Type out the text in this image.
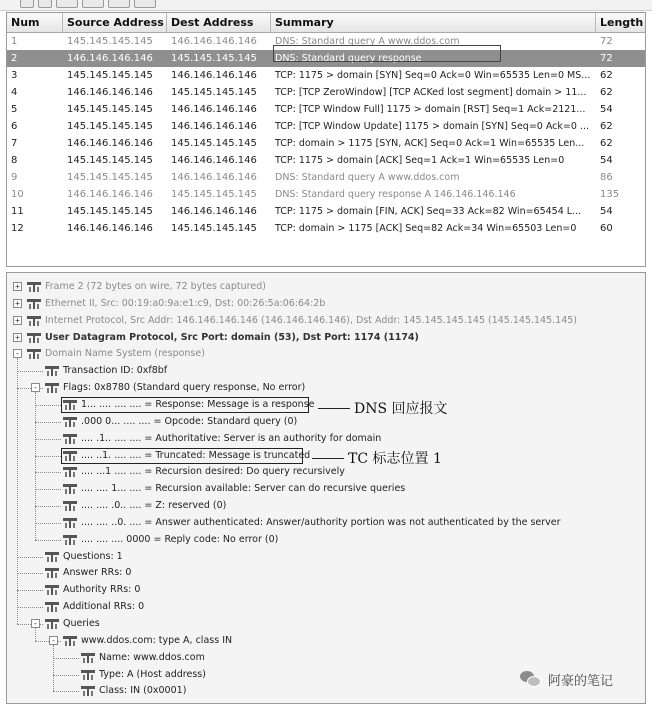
Num	Source Address Dest Address	Summary	Length
1	145.145.145.145	146.146.146.146	DNS: Standard query A www.ddos.com	72
2	146.146.146.146	145.145.145.145	DNS: Standard query response	72
3	145.145.145.145	146.146.146.146	TCP: 1175 > domain [SYN] Seq=0 Ack=0 Win=65535 Len=0 MS... 62
4	146.146.146.146	145.145.145.145	TCP: [TCP ZeroWindow] [TCP ACKed lost segment] domain > 11...	62
5	145.145.145.145	146.146.146.146	TCP: [TCP Window Full] 1175 > domain [RST] Seq=1 Ack=2121...	54
6	145.145.145.145	146.146.146.146	TCP: [TCP Window Update] 1175 > domain [SYN] Seq=0 Ack=0 ...	62
7	146.146.146.146	145.145.145.145	TCP: domain > 1175 [SYN, ACK] Seq=0 Ack=1 Win=65535 Len...	62
8	145.145.145.145	146.146.146.146	TCP: 1175 > domain [ACK] Seq=1 Ack=1 Win=65535 Len=0	54
9	145.145.145.145	146.146.146.146	DNS: Standard query A www.ddos.com	86
10	146.146.146.146	145.145.145.145	DNS: Standard query response A 146.146.146.146	135
11	145.145.145.145	146.146.146.146	TCP: 1175 > domain [FIN, ACK] Seq=33 Ack=82 Win=65454 L...	54
12	146.146.146.146	145.145.145.145	TCP: domain > 1175 [ACK] Seq=82 Ack=34 Win=65503 Len=0	60
+	Frame 2 (72 bytes on wire, 72 bytes captured)
+	Ethernet II, Src: 00:19:a0:9a:e1:c9, Dst: 00:26:5a:06:64:2b
+	Internet Protocol, Src Addr: 146.146.146.146 (146.146.146.146), Dst Addr: 145.145.145.145 (145.145.145.145)
+	User Datagram Protocol, Src Port: domain (53), Dst Port: 1174 (1174)
-	Domain Name System (response)
Transaction ID: 0xf8bf
-	Flags: 0x8780 (Standard query response, No error)
1... .... .... .... = Response: Message is a response
.000 0... .... .... = Opcode: Standard query (0)
.... .1.. .... .... = Authoritative: Server is an authority for domain
.... ..1. .... .... = Truncated: Message is truncated
.... ...1 .... .... = Recursion desired: Do query recursively
.... .... 1... .... = Recursion available: Server can do recursive queries
.... .... .0.. .... = Z: reserved (0)
.... .... ..0. .... = Answer authenticated: Answer/authority portion was not authenticated by the server
.... .... .... 0000 = Reply code: No error (0)
Questions: 1
Answer RRs: 0
Authority RRs: 0
Additional RRs: 0
-	Queries
-	www.ddos.com: type A, class IN
Name: www.ddos.com
Type: A (Host address)
Class: IN (0x0001)
DNS 回应报文
TC 标志位置 1
阿豪的笔记
